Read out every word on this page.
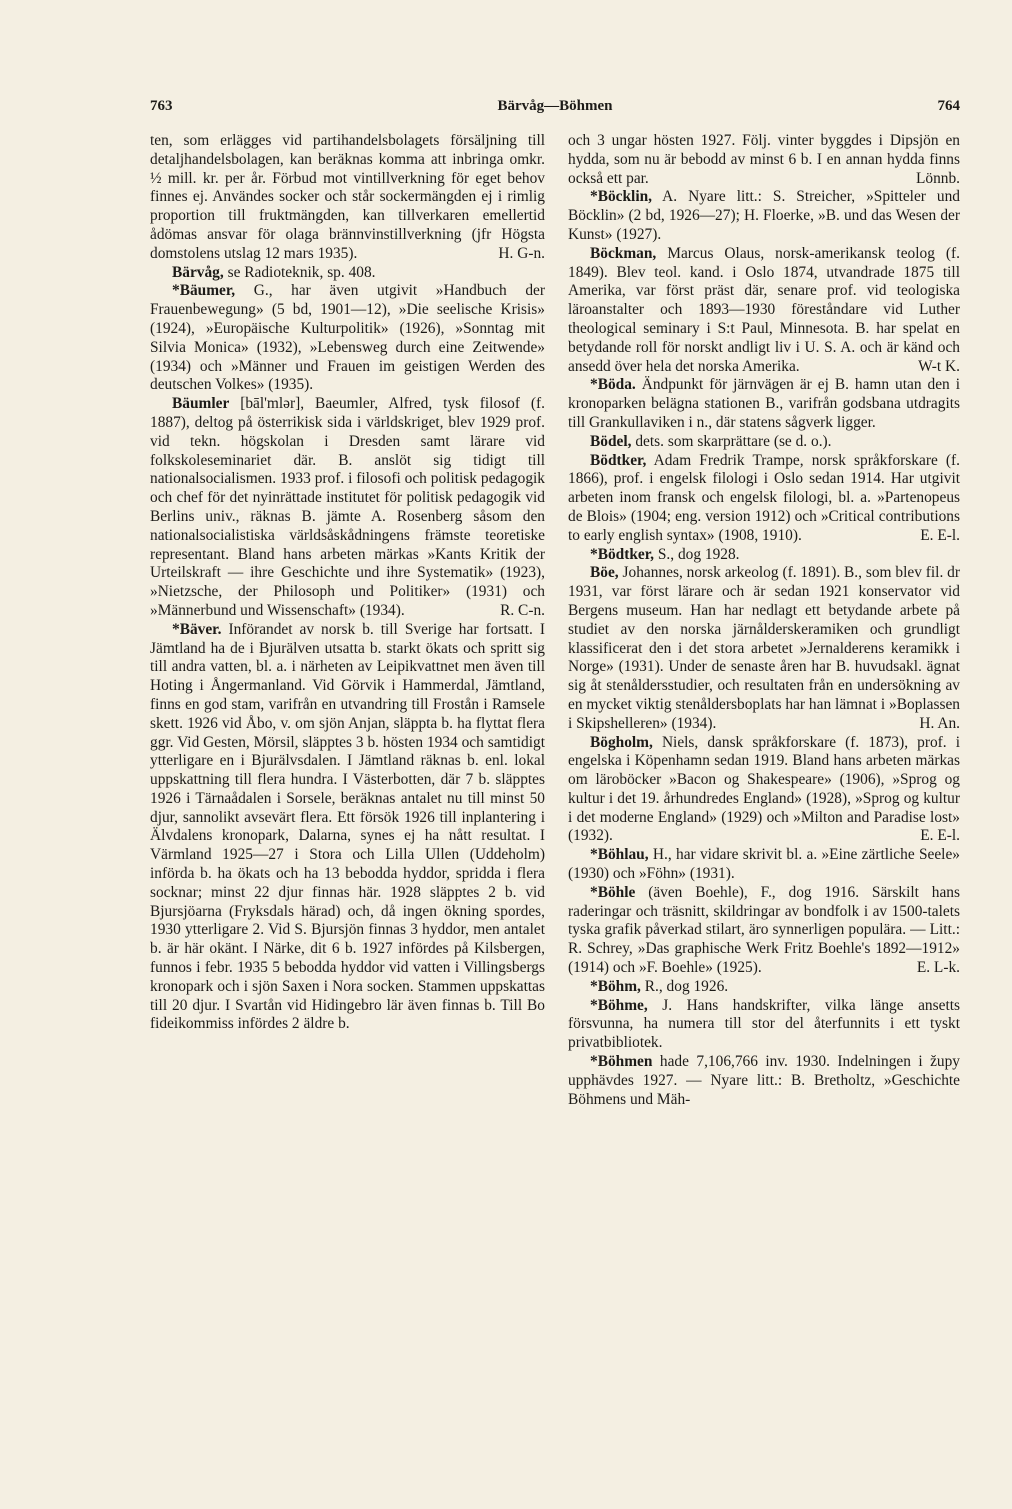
763	Bärvåg—Böhmen	764

ten, som erlägges vid partihandelsbolagets försäljning till detaljhandelsbolagen, kan beräknas komma att inbringa omkr. ½ mill. kr. per år. Förbud mot vintillverkning för eget behov finnes ej. Användes socker och står sockermängden ej i rimlig proportion till fruktmängden, kan tillverkaren emellertid ådömas ansvar för olaga brännvinstillverkning (jfr Högsta domstolens utslag 12 mars 1935).	H. G-n.

Bärvåg, se Radioteknik, sp. 408.

*Bäumer, G., har även utgivit »Handbuch der Frauenbewegung» (5 bd, 1901—12), »Die seelische Krisis» (1924), »Europäische Kulturpolitik» (1926), »Sonntag mit Silvia Monica» (1932), »Lebensweg durch eine Zeitwende» (1934) och »Männer und Frauen im geistigen Werden des deutschen Volkes» (1935).

Bäumler [bāl'mlər], Baeumler, Alfred, tysk filosof (f. 1887), deltog på österrikisk sida i världskriget, blev 1929 prof. vid tekn. högskolan i Dresden samt lärare vid folkskoleseminariet där. B. anslöt sig tidigt till nationalsocialismen. 1933 prof. i filosofi och politisk pedagogik och chef för det nyinrättade institutet för politisk pedagogik vid Berlins univ., räknas B. jämte A. Rosenberg såsom den nationalsocialistiska världsåskådningens främste teoretiske representant. Bland hans arbeten märkas »Kants Kritik der Urteilskraft — ihre Geschichte und ihre Systematik» (1923), »Nietzsche, der Philosoph und Politiker» (1931) och »Männerbund und Wissenschaft» (1934).	R. C-n.

*Bäver. Införandet av norsk b. till Sverige har fortsatt. I Jämtland ha de i Bjurälven utsatta b. starkt ökats och spritt sig till andra vatten, bl. a. i närheten av Leipikvattnet men även till Hoting i Ångermanland. Vid Görvik i Hammerdal, Jämtland, finns en god stam, varifrån en utvandring till Frostån i Ramsele skett. 1926 vid Åbo, v. om sjön Anjan, släppta b. ha flyttat flera ggr. Vid Gesten, Mörsil, släpptes 3 b. hösten 1934 och samtidigt ytterligare en i Bjurälvsdalen. I Jämtland räknas b. enl. lokal uppskattning till flera hundra. I Västerbotten, där 7 b. släpptes 1926 i Tärnaådalen i Sorsele, beräknas antalet nu till minst 50 djur, sannolikt avsevärt flera. Ett försök 1926 till inplantering i Älvdalens kronopark, Dalarna, synes ej ha nått resultat. I Värmland 1925—27 i Stora och Lilla Ullen (Uddeholm) införda b. ha ökats och ha 13 bebodda hyddor, spridda i flera socknar; minst 22 djur finnas här. 1928 släpptes 2 b. vid Bjursjöarna (Fryksdals härad) och, då ingen ökning spordes, 1930 ytterligare 2. Vid S. Bjursjön finnas 3 hyddor, men antalet b. är här okänt. I Närke, dit 6 b. 1927 infördes på Kilsbergen, funnos i febr. 1935 5 bebodda hyddor vid vatten i Villingsbergs kronopark och i sjön Saxen i Nora socken. Stammen uppskattas till 20 djur. I Svartån vid Hidingebro lär även finnas b. Till Bo fideikommiss infördes 2 äldre b.

och 3 ungar hösten 1927. Följ. vinter byggdes i Dipsjön en hydda, som nu är bebodd av minst 6 b. I en annan hydda finns också ett par.	Lönnb.

*Böcklin, A. Nyare litt.: S. Streicher, »Spitteler und Böcklin» (2 bd, 1926—27); H. Floerke, »B. und das Wesen der Kunst» (1927).

Böckman, Marcus Olaus, norsk-amerikansk teolog (f. 1849). Blev teol. kand. i Oslo 1874, utvandrade 1875 till Amerika, var först präst där, senare prof. vid teologiska läroanstalter och 1893—1930 föreståndare vid Luther theological seminary i S:t Paul, Minnesota. B. har spelat en betydande roll för norskt andligt liv i U. S. A. och är känd och ansedd över hela det norska Amerika.	W-t K.

*Böda. Ändpunkt för järnvägen är ej B. hamn utan den i kronoparken belägna stationen B., varifrån godsbana utdragits till Grankullaviken i n., där statens sågverk ligger.

Bödel, dets. som skarprättare (se d. o.).

Bödtker, Adam Fredrik Trampe, norsk språkforskare (f. 1866), prof. i engelsk filologi i Oslo sedan 1914. Har utgivit arbeten inom fransk och engelsk filologi, bl. a. »Partenopeus de Blois» (1904; eng. version 1912) och »Critical contributions to early english syntax» (1908, 1910).	E. E-l.

*Bödtker, S., dog 1928.

Böe, Johannes, norsk arkeolog (f. 1891). B., som blev fil. dr 1931, var först lärare och är sedan 1921 konservator vid Bergens museum. Han har nedlagt ett betydande arbete på studiet av den norska järnålderskeramiken och grundligt klassificerat den i det stora arbetet »Jernalderens keramikk i Norge» (1931). Under de senaste åren har B. huvudsakl. ägnat sig åt stenåldersstudier, och resultaten från en undersökning av en mycket viktig stenåldersboplats har han lämnat i »Boplassen i Skipshelleren» (1934).	H. An.

Bögholm, Niels, dansk språkforskare (f. 1873), prof. i engelska i Köpenhamn sedan 1919. Bland hans arbeten märkas om läroböcker »Bacon og Shakespeare» (1906), »Sprog og kultur i det 19. århundredes England» (1928), »Sprog og kultur i det moderne England» (1929) och »Milton and Paradise lost» (1932).	E. E-l.

*Böhlau, H., har vidare skrivit bl. a. »Eine zärtliche Seele» (1930) och »Föhn» (1931).

*Böhle (även Boehle), F., dog 1916. Särskilt hans raderingar och träsnitt, skildringar av bondfolk i av 1500-talets tyska grafik påverkad stilart, äro synnerligen populära. — Litt.: R. Schrey, »Das graphische Werk Fritz Boehle's 1892—1912» (1914) och »F. Boehle» (1925).	E. L-k.

*Böhm, R., dog 1926.

*Böhme, J. Hans handskrifter, vilka länge ansetts försvunna, ha numera till stor del återfunnits i ett tyskt privatbibliotek.

*Böhmen hade 7,106,766 inv. 1930. Indelningen i župy upphävdes 1927. — Nyare litt.: B. Bretholtz, »Geschichte Böhmens und Mäh-
